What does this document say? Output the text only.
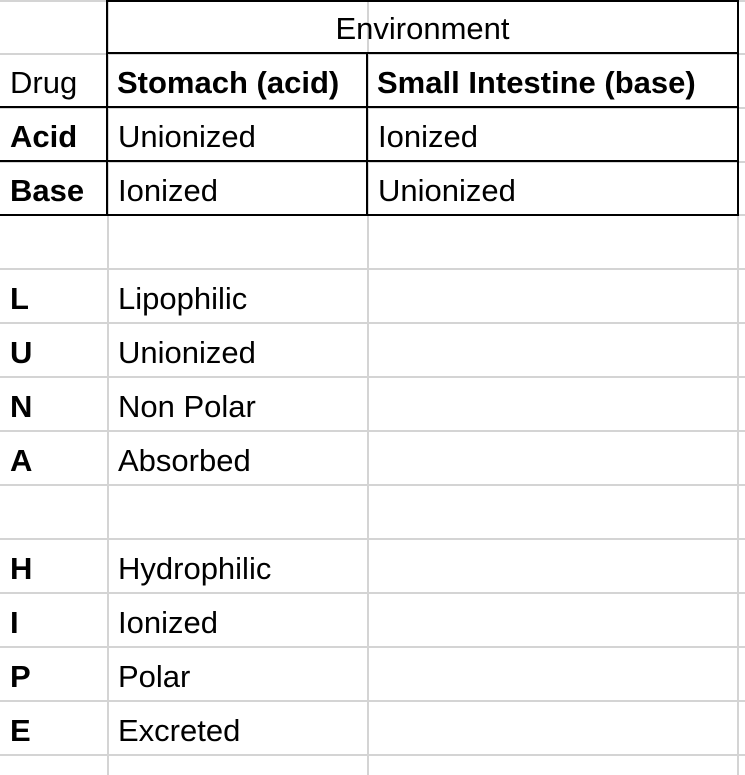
Environment
Drug	Stomach (acid)	Small Intestine (base)
Acid	Unionized	Ionized
Base	Ionized	Unionized
L	Lipophilic
U	Unionized
N	Non Polar
A	Absorbed
H	Hydrophilic
I	Ionized
P	Polar
E	Excreted
